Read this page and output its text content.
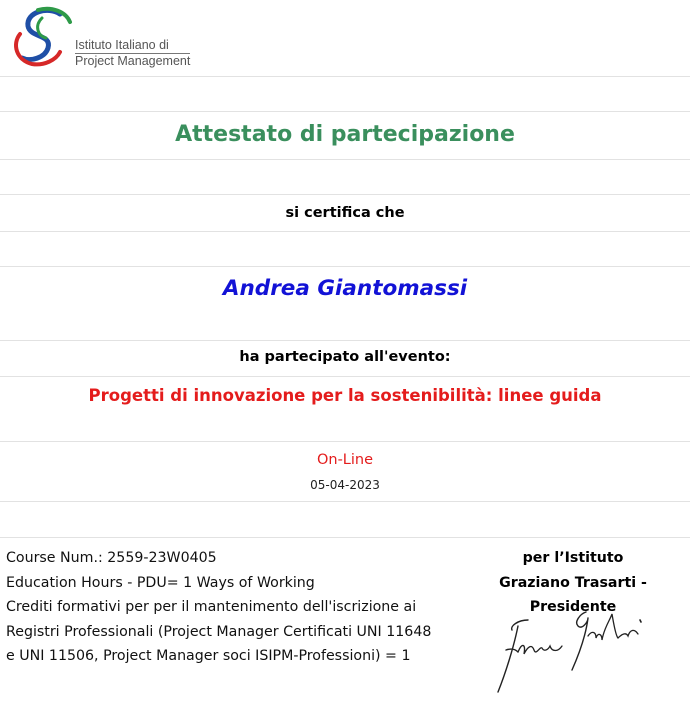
Istituto Italiano di
Project Management
Attestato di partecipazione
si certifica che
Andrea Giantomassi
ha partecipato all'evento:
Progetti di innovazione per la sostenibilità: linee guida
On-Line
05-04-2023
Course Num.: 2559-23W0405
Education Hours - PDU= 1 Ways of Working
Crediti formativi per per il mantenimento dell'iscrizione ai
Registri Professionali (Project Manager Certificati UNI 11648
e UNI 11506, Project Manager soci ISIPM-Professioni) = 1
per l’Istituto
Graziano Trasarti - Presidente
